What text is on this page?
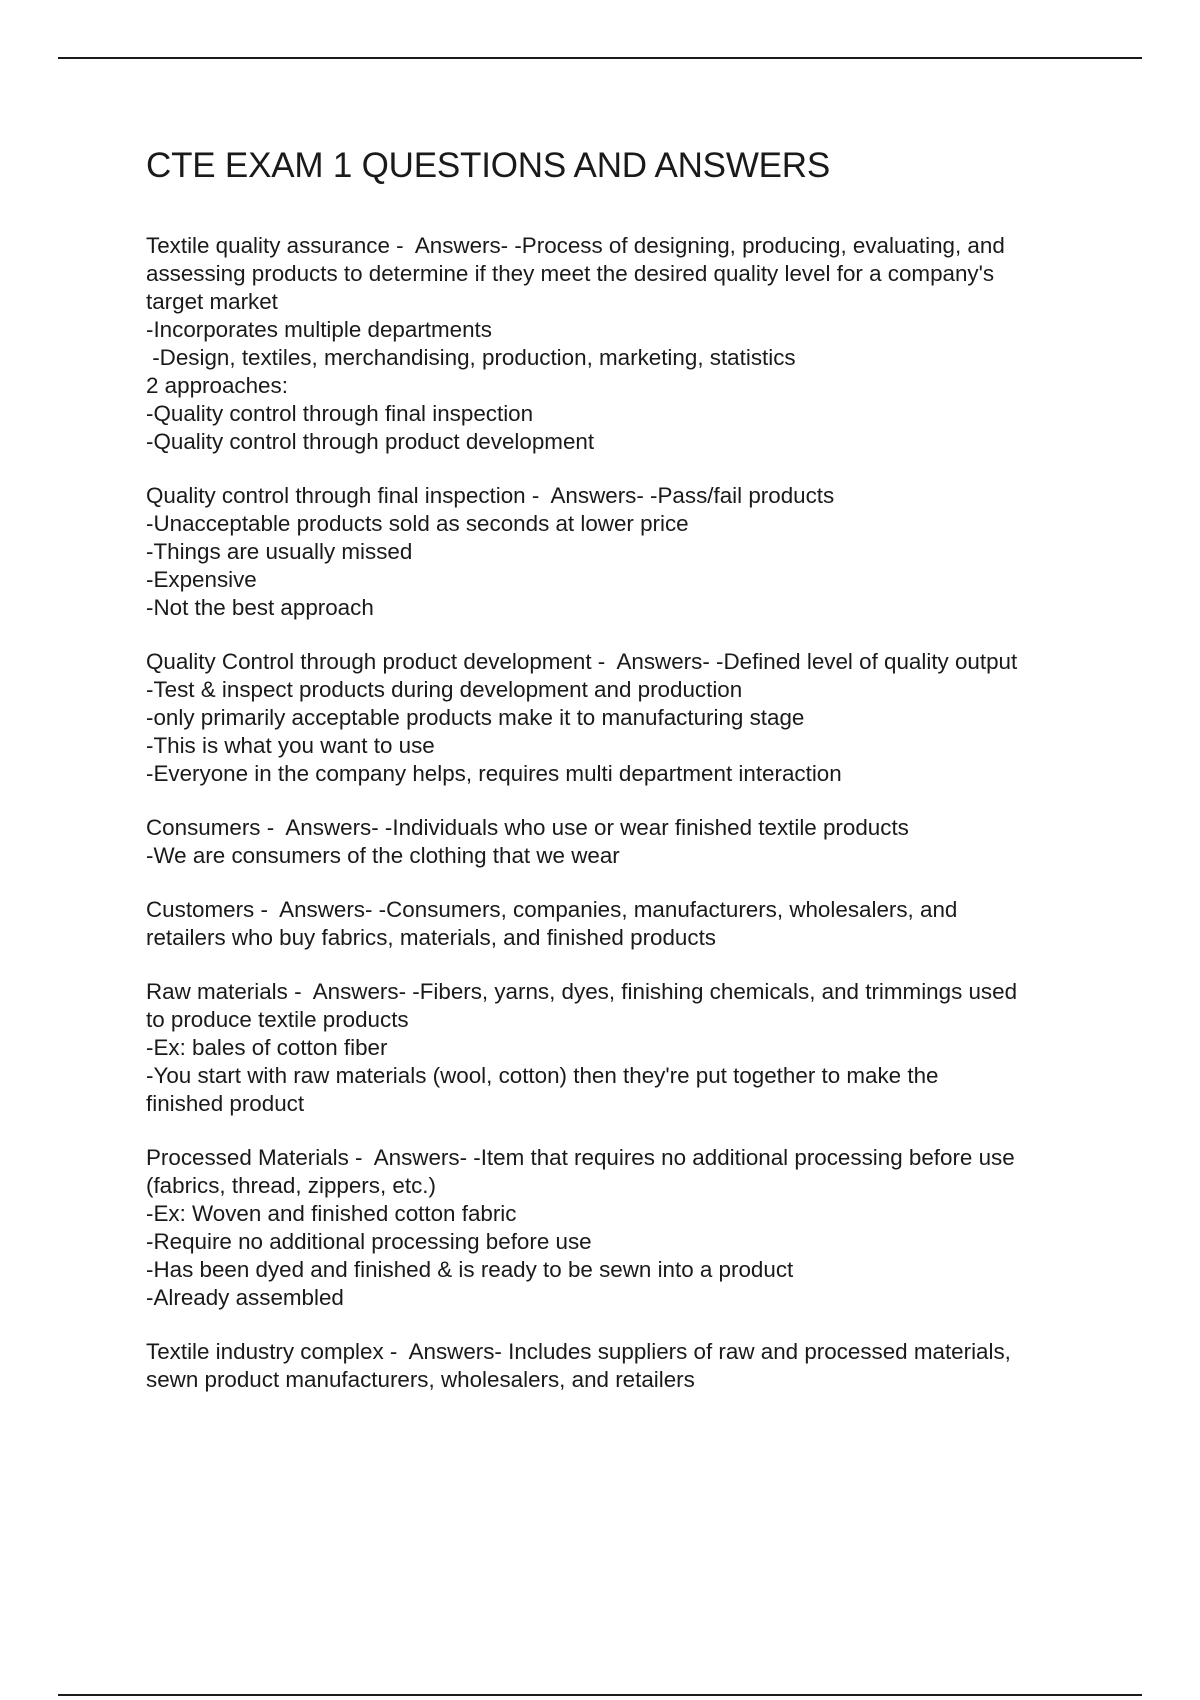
CTE EXAM 1 QUESTIONS AND ANSWERS
Textile quality assurance -  Answers- -Process of designing, producing, evaluating, and
assessing products to determine if they meet the desired quality level for a company's
target market
-Incorporates multiple departments
-Design, textiles, merchandising, production, marketing, statistics
2 approaches:
-Quality control through final inspection
-Quality control through product development
Quality control through final inspection -  Answers- -Pass/fail products
-Unacceptable products sold as seconds at lower price
-Things are usually missed
-Expensive
-Not the best approach
Quality Control through product development -  Answers- -Defined level of quality output
-Test & inspect products during development and production
-only primarily acceptable products make it to manufacturing stage
-This is what you want to use
-Everyone in the company helps, requires multi department interaction
Consumers -  Answers- -Individuals who use or wear finished textile products
-We are consumers of the clothing that we wear
Customers -  Answers- -Consumers, companies, manufacturers, wholesalers, and
retailers who buy fabrics, materials, and finished products
Raw materials -  Answers- -Fibers, yarns, dyes, finishing chemicals, and trimmings used
to produce textile products
-Ex: bales of cotton fiber
-You start with raw materials (wool, cotton) then they're put together to make the
finished product
Processed Materials -  Answers- -Item that requires no additional processing before use
(fabrics, thread, zippers, etc.)
-Ex: Woven and finished cotton fabric
-Require no additional processing before use
-Has been dyed and finished & is ready to be sewn into a product
-Already assembled
Textile industry complex -  Answers- Includes suppliers of raw and processed materials,
sewn product manufacturers, wholesalers, and retailers
